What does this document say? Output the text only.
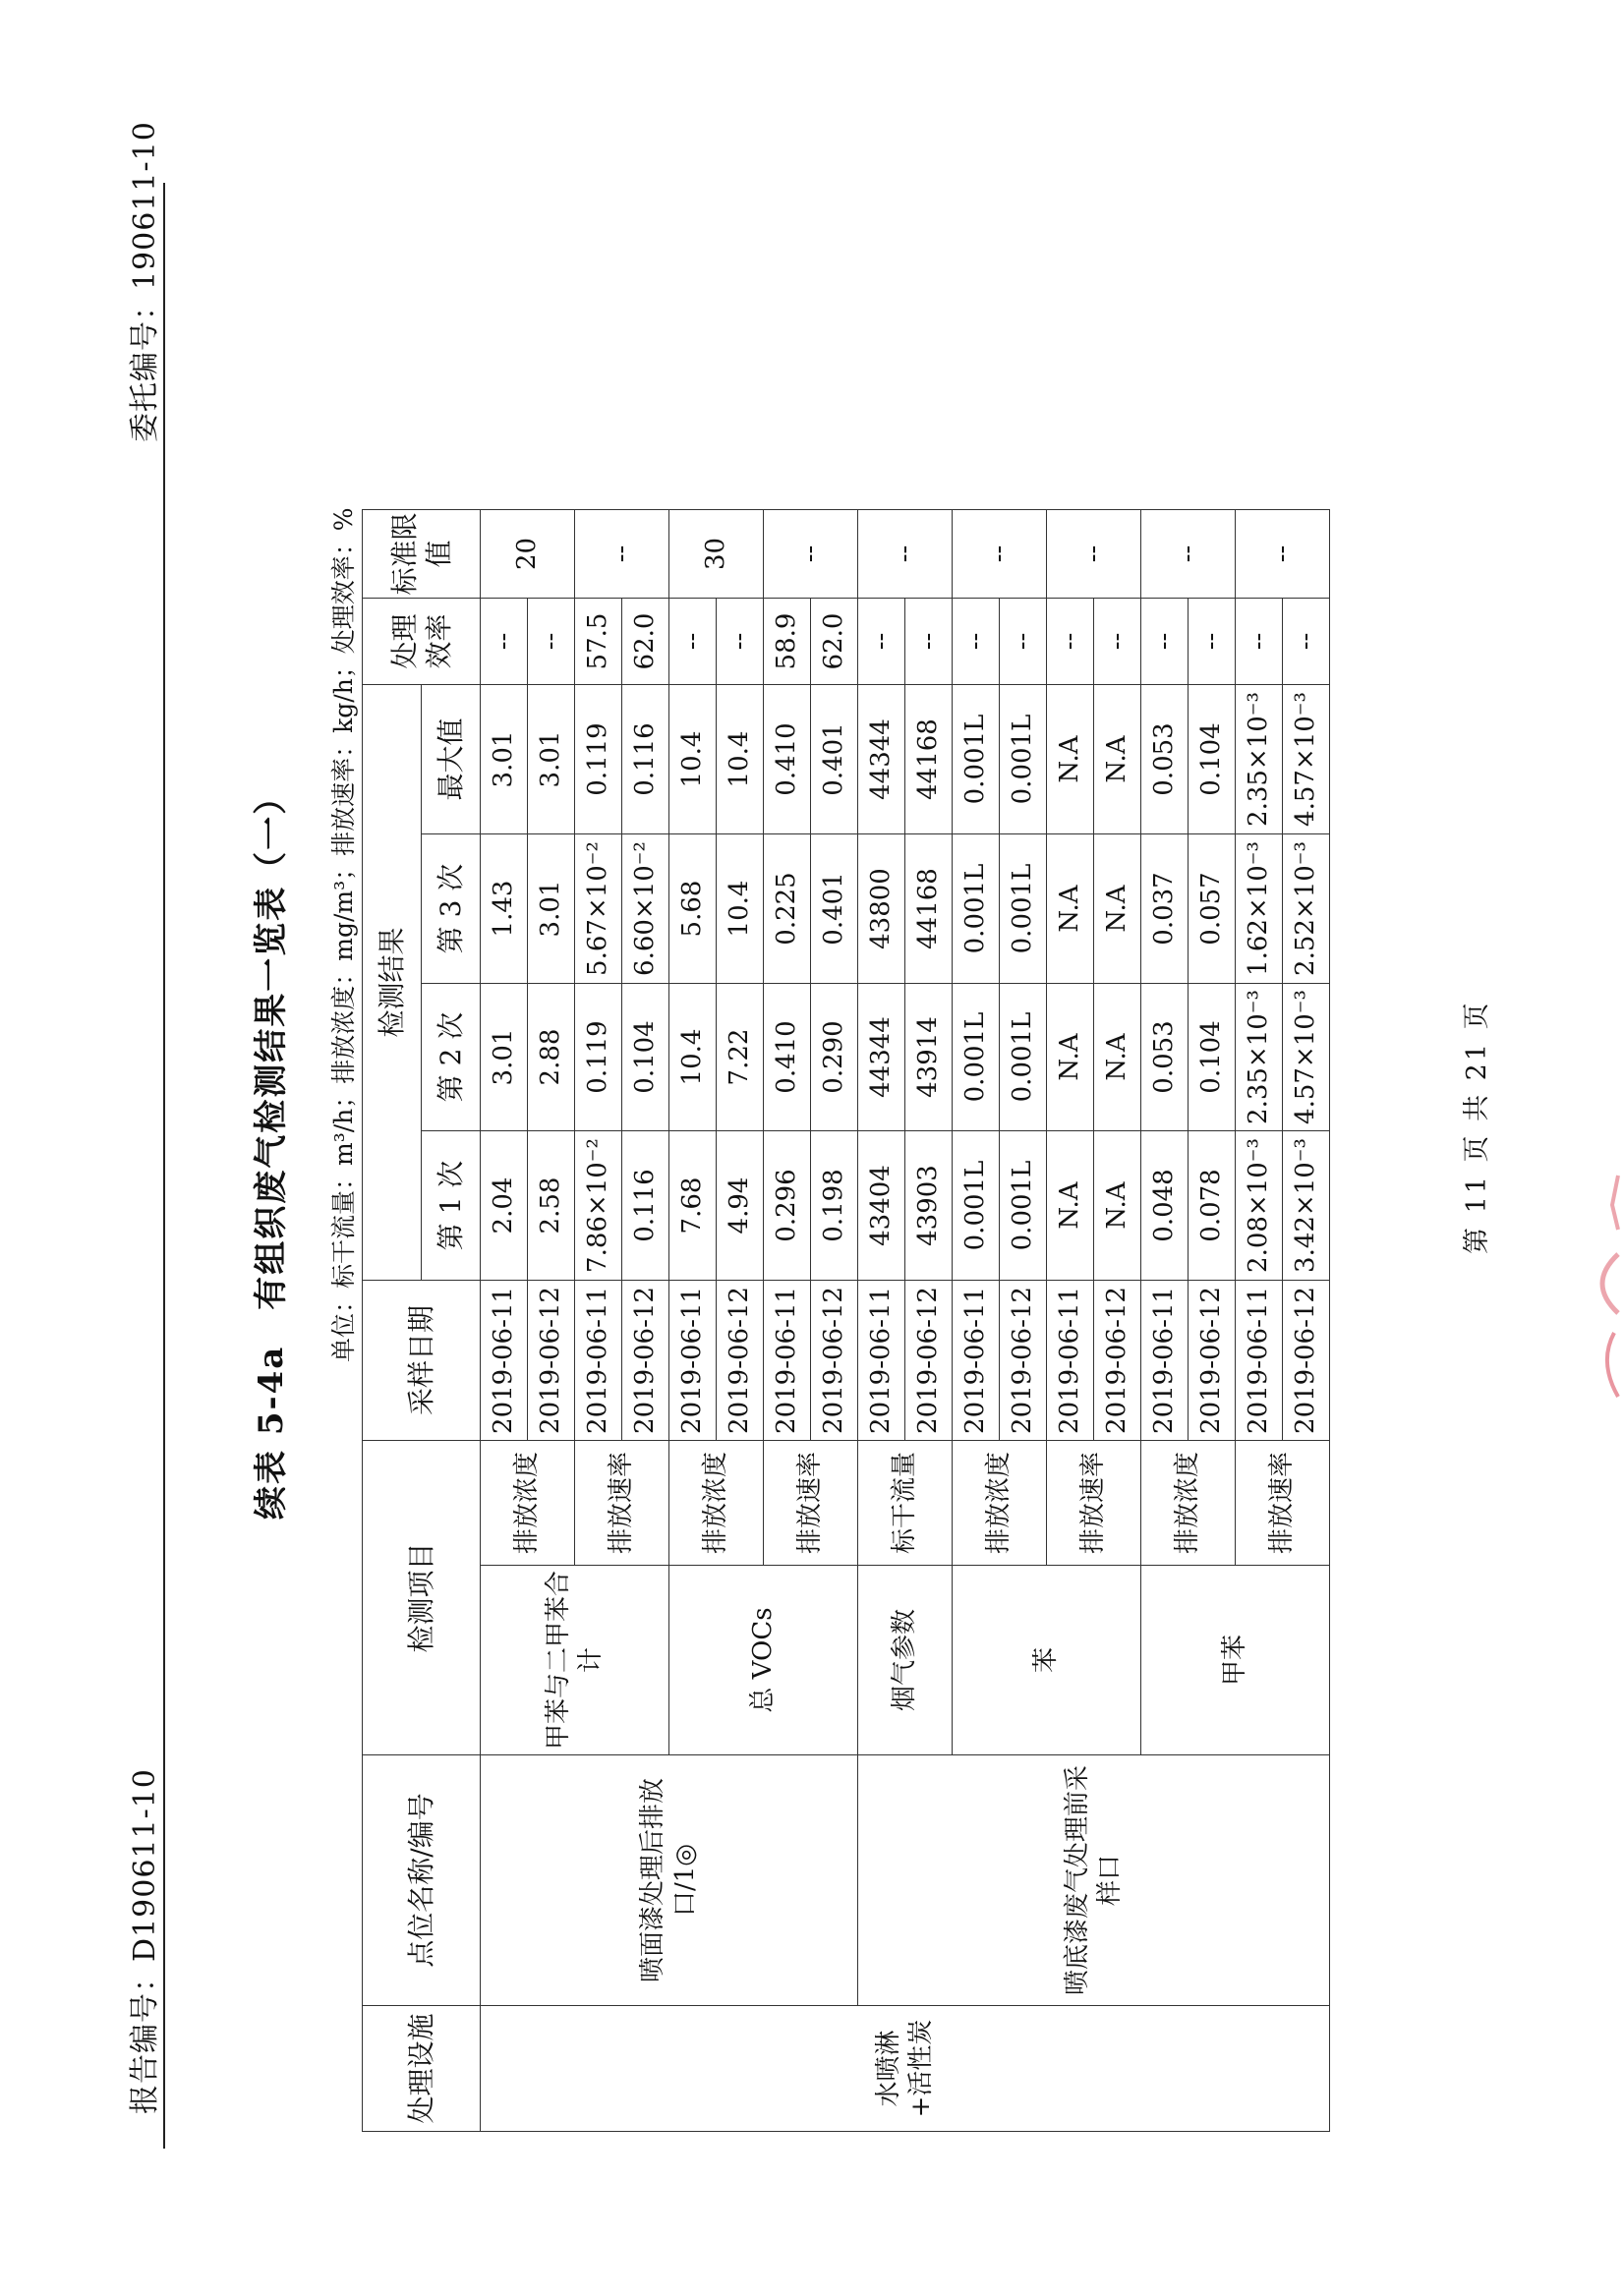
报告编号：D190611-10
委托编号：190611-10
续表 5-4a　有组织废气检测结果一览表（一） 单位：标干流量：m³/h；排放浓度：mg/m³；排放速率：kg/h；处理效率：%
处理设施	点位名称/编号	检测项目		采样日期	检测结果				处理效率	标准限值
					第 1 次	第 2 次	第 3 次	最大值		
水喷淋+活性炭	喷面漆处理后排放口/1◎	甲苯与二甲苯合计	排放浓度	2019-06-11	2.04	3.01	1.43	3.01	--	20
				2019-06-12	2.58	2.88	3.01	3.01	--	
			排放速率	2019-06-11	7.86×10⁻²	0.119	5.67×10⁻²	0.119	57.5	--
				2019-06-12	0.116	0.104	6.60×10⁻²	0.116	62.0	
		总 VOCs	排放浓度	2019-06-11	7.68	10.4	5.68	10.4	--	30
				2019-06-12	4.94	7.22	10.4	10.4	--	
			排放速率	2019-06-11	0.296	0.410	0.225	0.410	58.9	--
				2019-06-12	0.198	0.290	0.401	0.401	62.0	
	喷底漆废气处理前采样口	烟气参数	标干流量	2019-06-11	43404	44344	43800	44344	--	--
				2019-06-12	43903	43914	44168	44168	--	
		苯	排放浓度	2019-06-11	0.001L	0.001L	0.001L	0.001L	--	--
				2019-06-12	0.001L	0.001L	0.001L	0.001L	--	
			排放速率	2019-06-11	N.A	N.A	N.A	N.A	--	--
				2019-06-12	N.A	N.A	N.A	N.A	--	
		甲苯	排放浓度	2019-06-11	0.048	0.053	0.037	0.053	--	--
				2019-06-12	0.078	0.104	0.057	0.104	--	
			排放速率	2019-06-11	2.08×10⁻³	2.35×10⁻³	1.62×10⁻³	2.35×10⁻³	--	--
				2019-06-12	3.42×10⁻³	4.57×10⁻³	2.52×10⁻³	4.57×10⁻³	--	
第 11 页 共 21 页
